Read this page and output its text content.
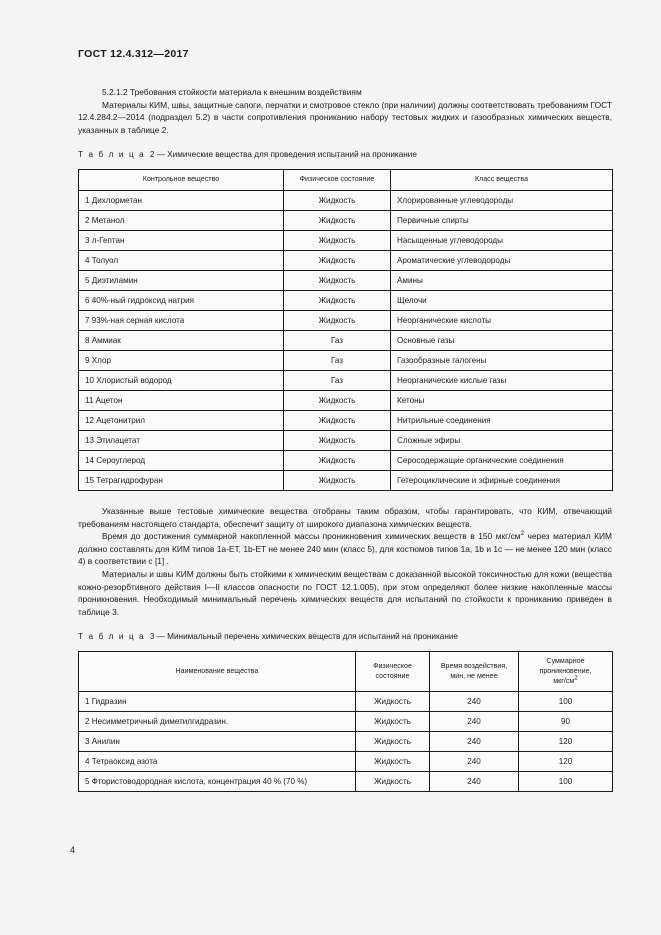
ГОСТ 12.4.312—2017

5.2.1.2 Требования стойкости материала к внешним воздействиям

Материалы КИМ, швы, защитные сапоги, перчатки и смотровое стекло (при наличии) должны соответствовать требованиям ГОСТ 12.4.284.2—2014 (подраздел 5.2) в части сопротивления прониканию набору тестовых жидких и газообразных химических веществ, указанных в таблице 2.

Т а б л и ц а 2 — Химические вещества для проведения испытаний на проникание

Контрольное вещество	Физическое состояние	Класс вещества
1 Дихлорметан	Жидкость	Хлорированные углеводороды
2 Метанол	Жидкость	Первичные спирты
3 л-Гептан	Жидкость	Насыщенные углеводороды
4 Толуол	Жидкость	Ароматические углеводороды
5 Диэтиламин	Жидкость	Амины
6 40%-ный гидроксид натрия	Жидкость	Щелочи
7 93%-ная серная кислота	Жидкость	Неорганические кислоты
8 Аммиак	Газ	Основные газы
9 Хлор	Газ	Газообразные галогены
10 Хлористый водород	Газ	Неорганические кислые газы
11 Ацетон	Жидкость	Кетоны
12 Ацетонитрил	Жидкость	Нитрильные соединения
13 Этилацетат	Жидкость	Сложные эфиры
14 Сероуглерод	Жидкость	Серосодержащие органические соединения
15 Тетрагидрофуран	Жидкость	Гетероциклические и эфирные соединения

Указанные выше тестовые химические вещества отобраны таким образом, чтобы гарантировать, что КИМ, отвечающий требованиям настоящего стандарта, обеспечит защиту от широкого диапазона химических веществ.

Время до достижения суммарной накопленной массы проникновения химических веществ в 150 мкг/$см^2$ через материал КИМ должно составлять для КИМ типов 1a-ET, 1b-ET не менее 240 мин (класс 5), для костюмов типов 1a, 1b и 1c — не менее 120 мин (класс 4) в соответствии с [1] .

Материалы и швы КИМ должны быть стойкими к химическим веществам с доказанной высокой токсичностью для кожи (вещества кожно-резорбтивного действия I—II классов опасности по ГОСТ 12.1.005), при этом определяют более низкие накопленные массы проникновения. Необходимый минимальный перечень химических веществ для испытаний по стойкости к прониканию приведен в таблице 3.

Т а б л и ц а 3 — Минимальный перечень химических веществ для испытаний на проникание

Наименование вещества	Физическое состояние	Время воздействия, мин, не менее	Суммарное проникновение,
мкг/$см^2$
1 Гидразин	Жидкость	240	100
2 Несимметричный диметилгидразин.	Жидкость	240	90
3 Анилин	Жидкость	240	120
4 Тетраоксид азота	Жидкость	240	120
5 Фтористоводородная кислота, концентрация 40 % (70 %)	Жидкость	240	100
4
